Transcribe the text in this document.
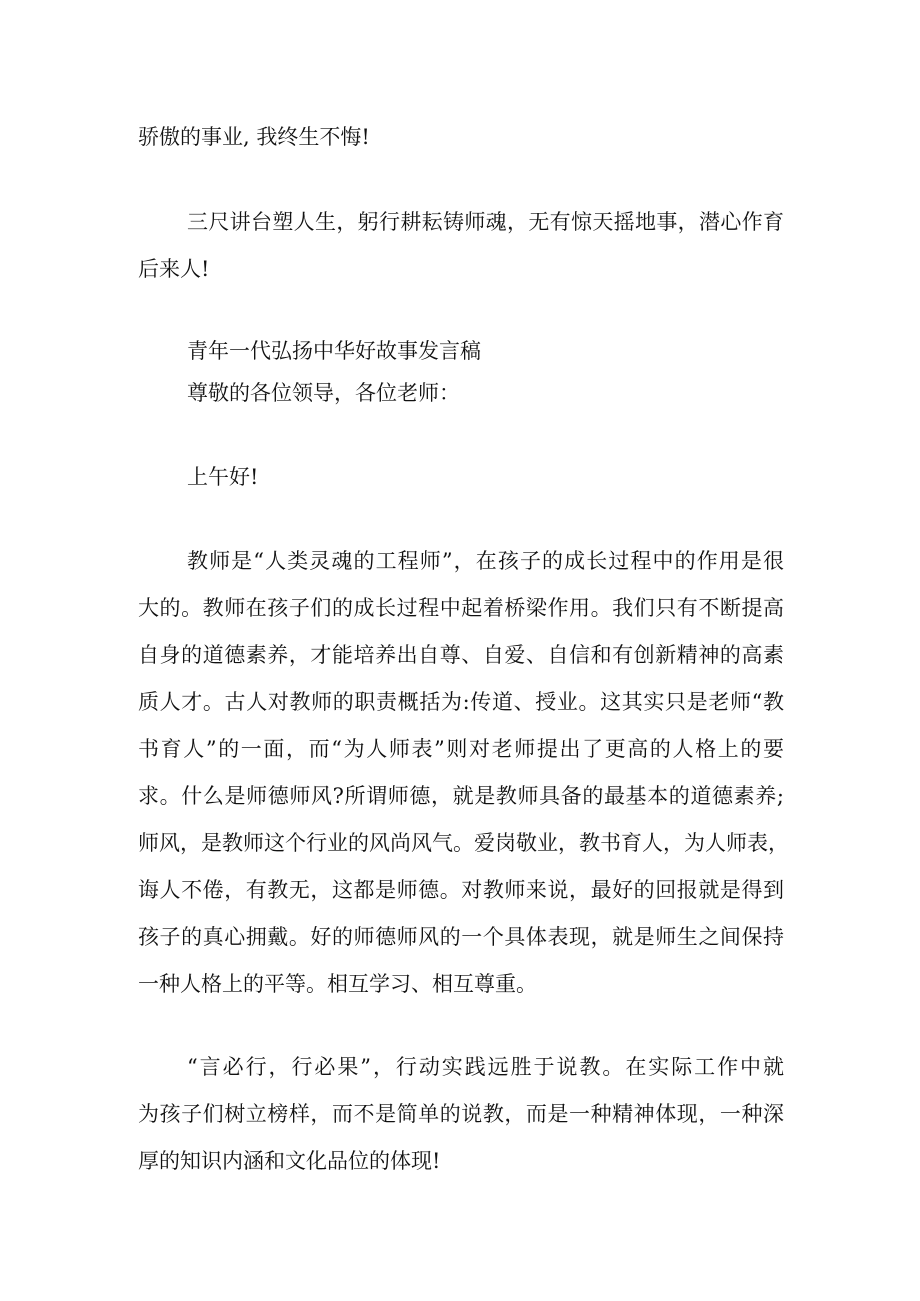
骄傲的事业, 我终生不悔!

三尺讲台塑人生，躬行耕耘铸师魂，无有惊天摇地事，潜心作育

后来人!

青年一代弘扬中华好故事发言稿

尊敬的各位领导，各位老师：

上午好!

教师是“人类灵魂的工程师”，在孩子的成长过程中的作用是很

大的。教师在孩子们的成长过程中起着桥梁作用。我们只有不断提高

自身的道德素养，才能培养出自尊、自爱、自信和有创新精神的高素

质人才。古人对教师的职责概括为:传道、授业。这其实只是老师“教

书育人”的一面，而“为人师表”则对老师提出了更高的人格上的要

求。什么是师德师风?所谓师德，就是教师具备的最基本的道德素养;

师风，是教师这个行业的风尚风气。爱岗敬业，教书育人，为人师表，

诲人不倦，有教无，这都是师德。对教师来说，最好的回报就是得到

孩子的真心拥戴。好的师德师风的一个具体表现，就是师生之间保持

一种人格上的平等。相互学习、相互尊重。

“言必行，行必果”，行动实践远胜于说教。在实际工作中就

为孩子们树立榜样，而不是简单的说教，而是一种精神体现，一种深

厚的知识内涵和文化品位的体现!
